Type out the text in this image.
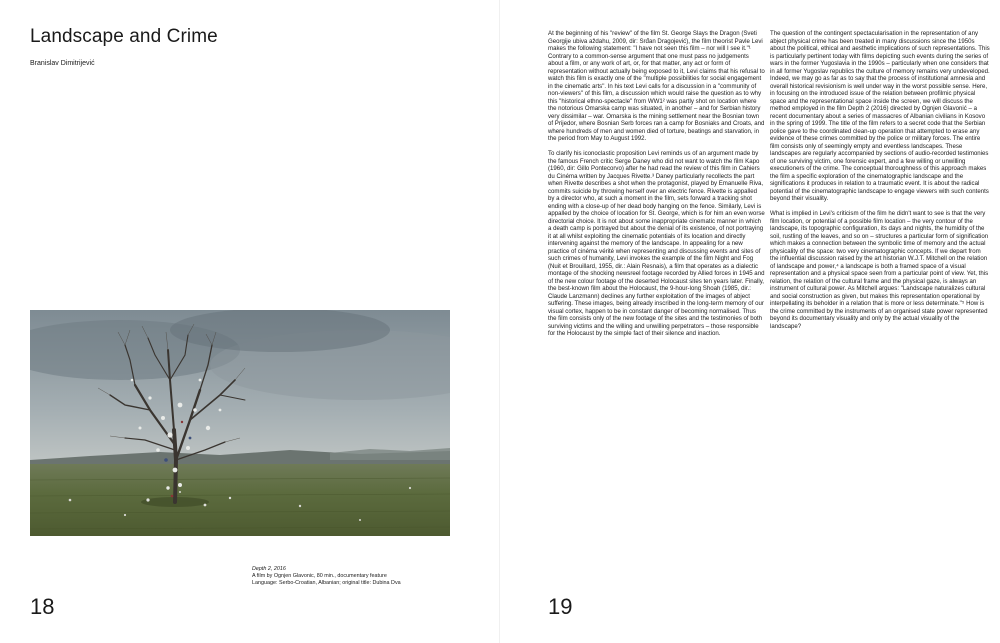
Landscape and Crime
Branislav Dimitrijević
Depth 2, 2016
A film by Ognjen Glavonic, 80 min., documentary feature
Language: Serbo-Croatian, Albanian; original title: Dubina Dva
18

At the beginning of his "review" of the film St. George Slays the Dragon (Sveti Georgije ubiva aždahu, 2009, dir: Srđan Dragojević), the film theorist Pavle Levi makes the following statement: "I have not seen this film – nor will I see it."¹ Contrary to a common-sense argument that one must pass no judgements about a film, or any work of art, or, for that matter, any act or form of representation without actually being exposed to it, Levi claims that his refusal to watch this film is exactly one of the "multiple possibilities for social engagement in the cinematic arts". In his text Levi calls for a discussion in a "community of non-viewers" of this film, a discussion which would raise the question as to why this "historical ethno-spectacle" from WW1² was partly shot on location where the notorious Omarska camp was situated, in another – and for Serbian history very dissimilar – war. Omarska is the mining settlement near the Bosnian town of Prijedor, where Bosnian Serb forces ran a camp for Bosniaks and Croats, and where hundreds of men and women died of torture, beatings and starvation, in the period from May to August 1992.

To clarify his iconoclastic proposition Levi reminds us of an argument made by the famous French critic Serge Daney who did not want to watch the film Kapo (1960, dir: Gillo Pontecorvo) after he had read the review of this film in Cahiers du Cinéma written by Jacques Rivette.³ Daney particularly recollects the part when Rivette describes a shot when the protagonist, played by Emanuelle Riva, commits suicide by throwing herself over an electric fence. Rivette is appalled by a director who, at such a moment in the film, sets forward a tracking shot ending with a close-up of her dead body hanging on the fence. Similarly, Levi is appalled by the choice of location for St. George, which is for him an even worse directorial choice. It is not about some inappropriate cinematic manner in which a death camp is portrayed but about the denial of its existence, of not portraying it at all whilst exploiting the cinematic potentials of its location and directly intervening against the memory of the landscape. In appealing for a new practice of cinéma vérité when representing and discussing events and sites of such crimes of humanity, Levi invokes the example of the film Night and Fog (Nuit et Brouillard, 1955, dir.: Alain Resnais), a film that operates as a dialectic montage of the shocking newsreel footage recorded by Allied forces in 1945 and of the new colour footage of the deserted Holocaust sites ten years later. Finally, the best-known film about the Holocaust, the 9-hour-long Shoah (1985, dir.: Claude Lanzmann) declines any further exploitation of the images of abject suffering. These images, being already inscribed in the long-term memory of our visual cortex, happen to be in constant danger of becoming normalised. Thus the film consists only of the new footage of the sites and the testimonies of both surviving victims and the willing and unwilling perpetrators – those responsible for the Holocaust by the simple fact of their silence and inaction.

The question of the contingent spectacularisation in the representation of any abject physical crime has been treated in many discussions since the 1950s about the political, ethical and aesthetic implications of such representations. This is particularly pertinent today with films depicting such events during the series of wars in the former Yugoslavia in the 1990s – particularly when one considers that in all former Yugoslav republics the culture of memory remains very undeveloped. Indeed, we may go as far as to say that the process of institutional amnesia and overall historical revisionism is well under way in the worst possible sense. Here, in focusing on the introduced issue of the relation between profilmic physical space and the representational space inside the screen, we will discuss the method employed in the film Depth 2 (2016) directed by Ognjen Glavonić – a recent documentary about a series of massacres of Albanian civilians in Kosovo in the spring of 1999. The title of the film refers to a secret code that the Serbian police gave to the coordinated clean-up operation that attempted to erase any evidence of these crimes committed by the police or military forces. The entire film consists only of seemingly empty and eventless landscapes. These landscapes are regularly accompanied by sections of audio-recorded testimonies of one surviving victim, one forensic expert, and a few willing or unwilling executioners of the crime. The conceptual thoroughness of this approach makes the film a specific exploration of the cinematographic landscape and the significations it produces in relation to a traumatic event. It is about the radical potential of the cinematographic landscape to engage viewers with such contents beyond their visuality.

What is implied in Levi's criticism of the film he didn't want to see is that the very film location, or potential of a possible film location – the very contour of the landscape, its topographic configuration, its days and nights, the humidity of the soil, rustling of the leaves, and so on – structures a particular form of signification which makes a connection between the symbolic time of memory and the actual physicality of the space: two very cinematographic concepts. If we depart from the influential discussion raised by the art historian W.J.T. Mitchell on the relation of landscape and power,⁴ a landscape is both a framed space of a visual representation and a physical space seen from a particular point of view. Yet, this relation, the relation of the cultural frame and the physical gaze, is always an instrument of cultural power. As Mitchell argues: "Landscape naturalizes cultural and social construction as given, but makes this representation operational by interpellating its beholder in a relation that is more or less determinate."⁵ How is the crime committed by the instruments of an organised state power represented beyond its documentary visuality and only by the actual visuality of the landscape?

19
